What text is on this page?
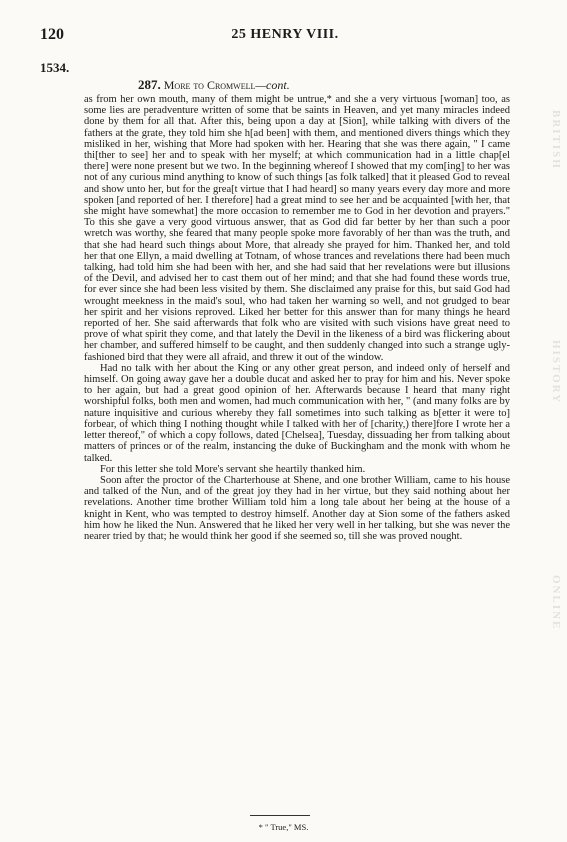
120	25 HENRY VIII.
1534.
287. More to Cromwell—cont.

as from her own mouth, many of them might be untrue,* and she a very virtuous [woman] too, as some lies are peradventure written of some that be saints in Heaven, and yet many miracles indeed done by them for all that. After this, being upon a day at [Sion], while talking with divers of the fathers at the grate, they told him she h[ad been] with them, and mentioned divers things which they misliked in her, wishing that More had spoken with her. Hearing that she was there again, " I came thi[ther to see] her and to speak with her myself; at which communication had in a little chap[el there] were none present but we two. In the beginning whereof I showed that my com[ing] to her was not of any curious mind anything to know of such things [as folk talked] that it pleased God to reveal and show unto her, but for the grea[t virtue that I had heard] so many years every day more and more spoken [and reported of her. I therefore] had a great mind to see her and be acquainted [with her, that she might have somewhat] the more occasion to remember me to God in her devotion and prayers." To this she gave a very good virtuous answer, that as God did far better by her than such a poor wretch was worthy, she feared that many people spoke more favorably of her than was the truth, and that she had heard such things about More, that already she prayed for him. Thanked her, and told her that one Ellyn, a maid dwelling at Totnam, of whose trances and revelations there had been much talking, had told him she had been with her, and she had said that her revelations were but illusions of the Devil, and advised her to cast them out of her mind; and that she had found these words true, for ever since she had been less visited by them. She disclaimed any praise for this, but said God had wrought meekness in the maid's soul, who had taken her warning so well, and not grudged to bear her spirit and her visions reproved. Liked her better for this answer than for many things he heard reported of her. She said afterwards that folk who are visited with such visions have great need to prove of what spirit they come, and that lately the Devil in the likeness of a bird was flickering about her chamber, and suffered himself to be caught, and then suddenly changed into such a strange ugly-fashioned bird that they were all afraid, and threw it out of the window.

Had no talk with her about the King or any other great person, and indeed only of herself and himself. On going away gave her a double ducat and asked her to pray for him and his. Never spoke to her again, but had a great good opinion of her. Afterwards because I heard that many right worshipful folks, both men and women, had much communication with her, " (and many folks are by nature inquisitive and curious whereby they fall sometimes into such talking as b[etter it were to] forbear, of which thing I nothing thought while I talked with her of [charity,) there]fore I wrote her a letter thereof," of which a copy follows, dated [Chelsea], Tuesday, dissuading her from talking about matters of princes or of the realm, instancing the duke of Buckingham and the monk with whom he talked.

For this letter she told More's servant she heartily thanked him.

Soon after the proctor of the Charterhouse at Shene, and one brother William, came to his house and talked of the Nun, and of the great joy they had in her virtue, but they said nothing about her revelations. Another time brother William told him a long tale about her being at the house of a knight in Kent, who was tempted to destroy himself. Another day at Sion some of the fathers asked him how he liked the Nun. Answered that he liked her very well in her talking, but she was never the nearer tried by that; he would think her good if she seemed so, till she was proved nought.

* " True," MS.
BRITISH
HISTORY
ONLINE
